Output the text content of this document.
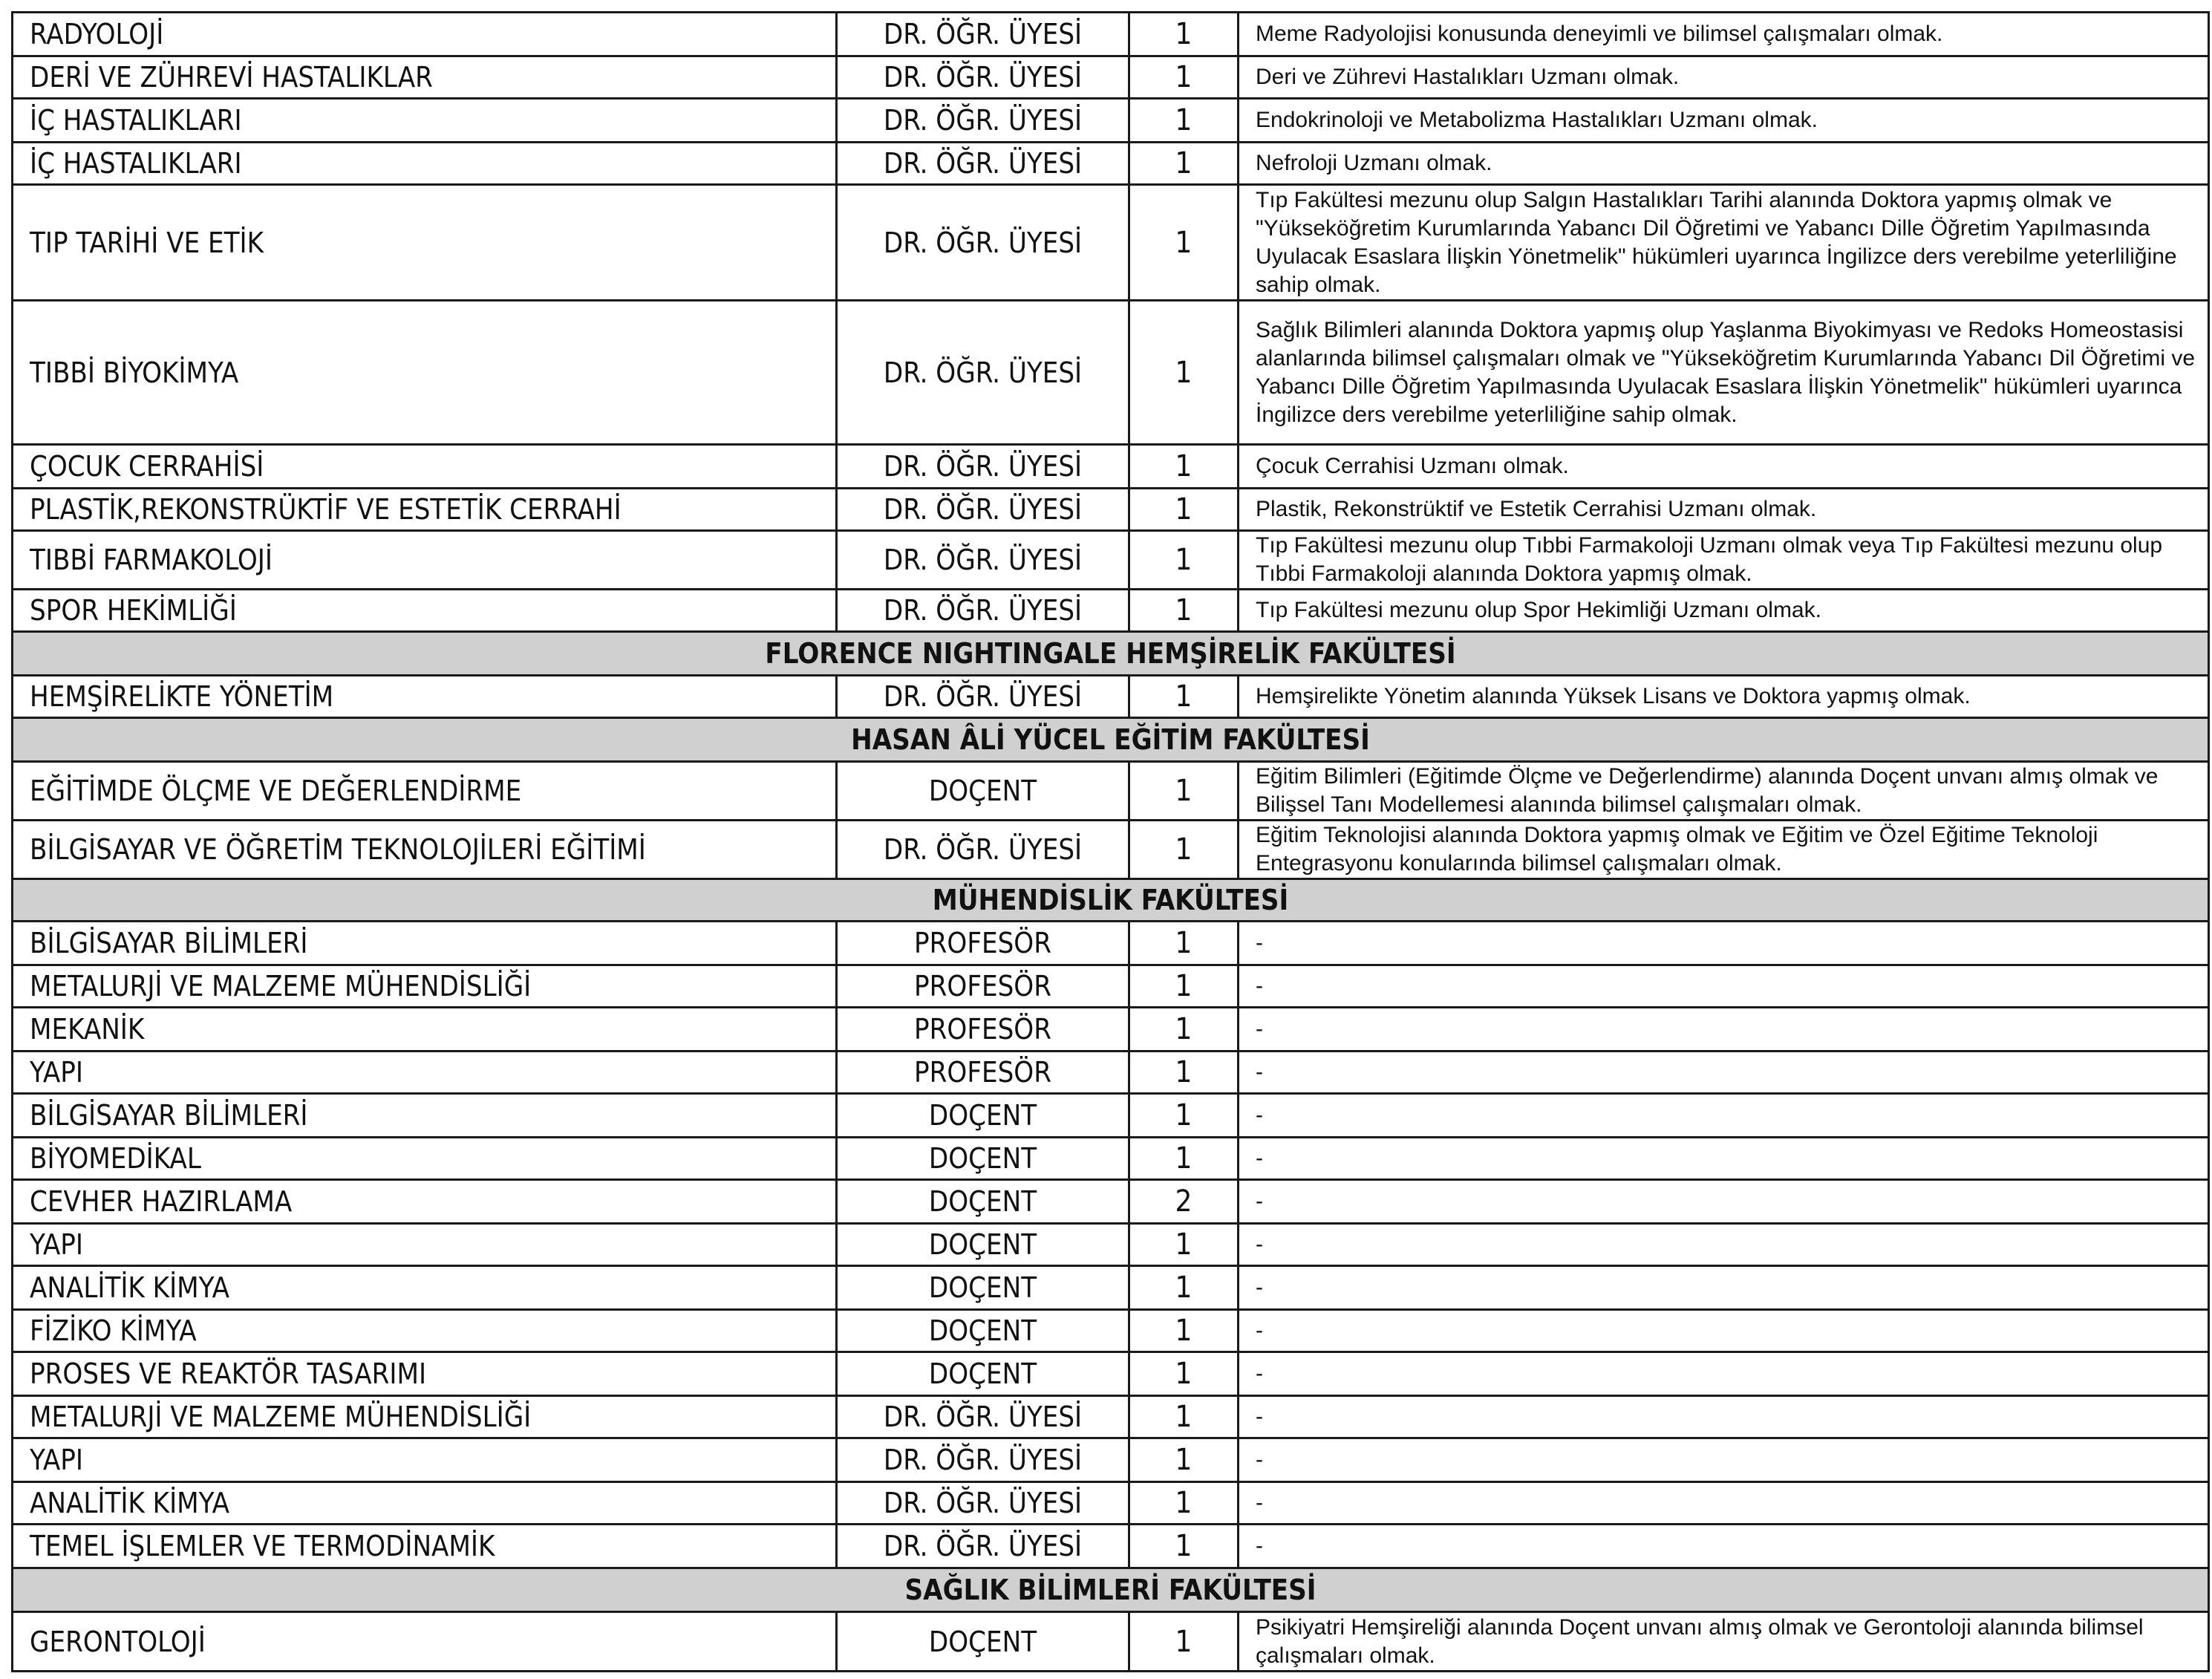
RADYOLOJİ	DR. ÖĞR. ÜYESİ	1	Meme Radyolojisi konusunda deneyimli ve bilimsel çalışmaları olmak.
DERİ VE ZÜHREVİ HASTALIKLAR	DR. ÖĞR. ÜYESİ	1	Deri ve Zührevi Hastalıkları Uzmanı olmak.
İÇ HASTALIKLARI	DR. ÖĞR. ÜYESİ	1	Endokrinoloji ve Metabolizma Hastalıkları Uzmanı olmak.
İÇ HASTALIKLARI	DR. ÖĞR. ÜYESİ	1	Nefroloji Uzmanı olmak.
TIP TARİHİ VE ETİK	DR. ÖĞR. ÜYESİ	1	Tıp Fakültesi mezunu olup Salgın Hastalıkları Tarihi alanında Doktora yapmış olmak ve "Yükseköğretim Kurumlarında Yabancı Dil Öğretimi ve Yabancı Dille Öğretim Yapılmasında Uyulacak Esaslara İlişkin Yönetmelik" hükümleri uyarınca İngilizce ders verebilme yeterliliğine sahip olmak.
TIBBİ BİYOKİMYA	DR. ÖĞR. ÜYESİ	1	Sağlık Bilimleri alanında Doktora yapmış olup Yaşlanma Biyokimyası ve Redoks Homeostasisi alanlarında bilimsel çalışmaları olmak ve "Yükseköğretim Kurumlarında Yabancı Dil Öğretimi ve Yabancı Dille Öğretim Yapılmasında Uyulacak Esaslara İlişkin Yönetmelik" hükümleri uyarınca İngilizce ders verebilme yeterliliğine sahip olmak.
ÇOCUK CERRAHİSİ	DR. ÖĞR. ÜYESİ	1	Çocuk Cerrahisi Uzmanı olmak.
PLASTİK,REKONSTRÜKTİF VE ESTETİK CERRAHİ	DR. ÖĞR. ÜYESİ	1	Plastik, Rekonstrüktif ve Estetik Cerrahisi Uzmanı olmak.
TIBBİ FARMAKOLOJİ	DR. ÖĞR. ÜYESİ	1	Tıp Fakültesi mezunu olup Tıbbi Farmakoloji Uzmanı olmak veya Tıp Fakültesi mezunu olup Tıbbi Farmakoloji alanında Doktora yapmış olmak.
SPOR HEKİMLİĞİ	DR. ÖĞR. ÜYESİ	1	Tıp Fakültesi mezunu olup Spor Hekimliği Uzmanı olmak.
FLORENCE NIGHTINGALE HEMŞİRELİK FAKÜLTESİ			
HEMŞİRELİKTE YÖNETİM	DR. ÖĞR. ÜYESİ	1	Hemşirelikte Yönetim alanında Yüksek Lisans ve Doktora yapmış olmak.
HASAN ÂLİ YÜCEL EĞİTİM FAKÜLTESİ			
EĞİTİMDE ÖLÇME VE DEĞERLENDİRME	DOÇENT	1	Eğitim Bilimleri (Eğitimde Ölçme ve Değerlendirme) alanında Doçent unvanı almış olmak ve Bilişsel Tanı Modellemesi alanında bilimsel çalışmaları olmak.
BİLGİSAYAR VE ÖĞRETİM TEKNOLOJİLERİ EĞİTİMİ	DR. ÖĞR. ÜYESİ	1	Eğitim Teknolojisi alanında Doktora yapmış olmak ve Eğitim ve Özel Eğitime Teknoloji Entegrasyonu konularında bilimsel çalışmaları olmak.
MÜHENDİSLİK FAKÜLTESİ			
BİLGİSAYAR BİLİMLERİ	PROFESÖR	1	-
METALURJİ VE MALZEME MÜHENDİSLİĞİ	PROFESÖR	1	-
MEKANİK	PROFESÖR	1	-
YAPI	PROFESÖR	1	-
BİLGİSAYAR BİLİMLERİ	DOÇENT	1	-
BİYOMEDİKAL	DOÇENT	1	-
CEVHER HAZIRLAMA	DOÇENT	2	-
YAPI	DOÇENT	1	-
ANALİTİK KİMYA	DOÇENT	1	-
FİZİKO KİMYA	DOÇENT	1	-
PROSES VE REAKTÖR TASARIMI	DOÇENT	1	-
METALURJİ VE MALZEME MÜHENDİSLİĞİ	DR. ÖĞR. ÜYESİ	1	-
YAPI	DR. ÖĞR. ÜYESİ	1	-
ANALİTİK KİMYA	DR. ÖĞR. ÜYESİ	1	-
TEMEL İŞLEMLER VE TERMODİNAMİK	DR. ÖĞR. ÜYESİ	1	-
SAĞLIK BİLİMLERİ FAKÜLTESİ			
GERONTOLOJİ	DOÇENT	1	Psikiyatri Hemşireliği alanında Doçent unvanı almış olmak ve Gerontoloji alanında bilimsel çalışmaları olmak.
